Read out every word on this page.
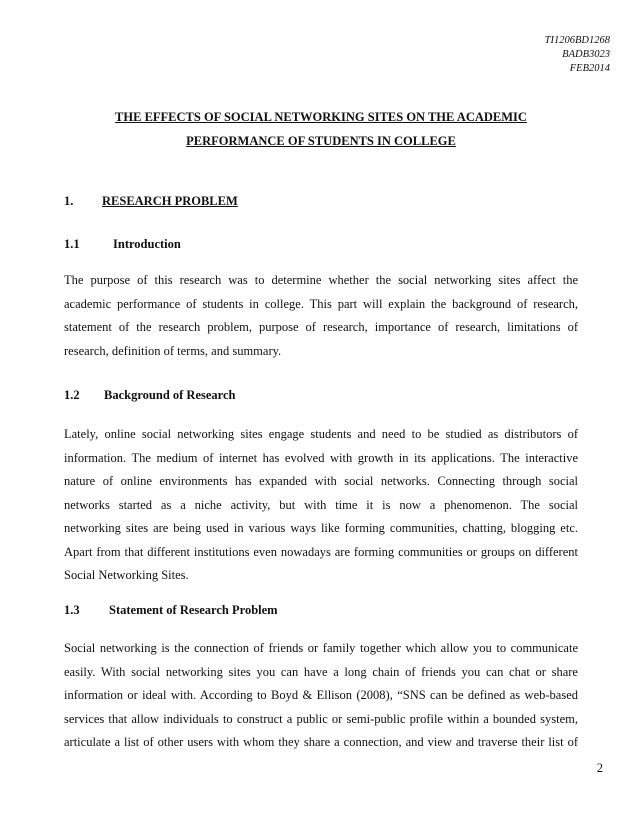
TI1206BD1268
BADB3023
FEB2014
THE EFFECTS OF SOCIAL NETWORKING SITES ON THE ACADEMIC
PERFORMANCE OF STUDENTS IN COLLEGE
1. RESEARCH PROBLEM
1.1	Introduction
The purpose of this research was to determine whether the social networking sites affect the
academic performance of students in college. This part will explain the background of research,
statement of the research problem, purpose of research, importance of research, limitations of
research, definition of terms, and summary.
1.2 Background of Research
Lately, online social networking sites engage students and need to be studied as distributors of
information. The medium of internet has evolved with growth in its applications. The interactive
nature of online environments has expanded with social networks. Connecting through social
networks started as a niche activity, but with time it is now a phenomenon. The social
networking sites are being used in various ways like forming communities, chatting, blogging etc.
Apart from that different institutions even nowadays are forming communities or groups on different
Social Networking Sites.
1.3 Statement of Research Problem
Social networking is the connection of friends or family together which allow you to communicate
easily. With social networking sites you can have a long chain of friends you can chat or share
information or ideal with. According to Boyd & Ellison (2008), “SNS can be defined as web-based
services that allow individuals to construct a public or semi-public profile within a bounded system,
articulate a list of other users with whom they share a connection, and view and traverse their list of
2
